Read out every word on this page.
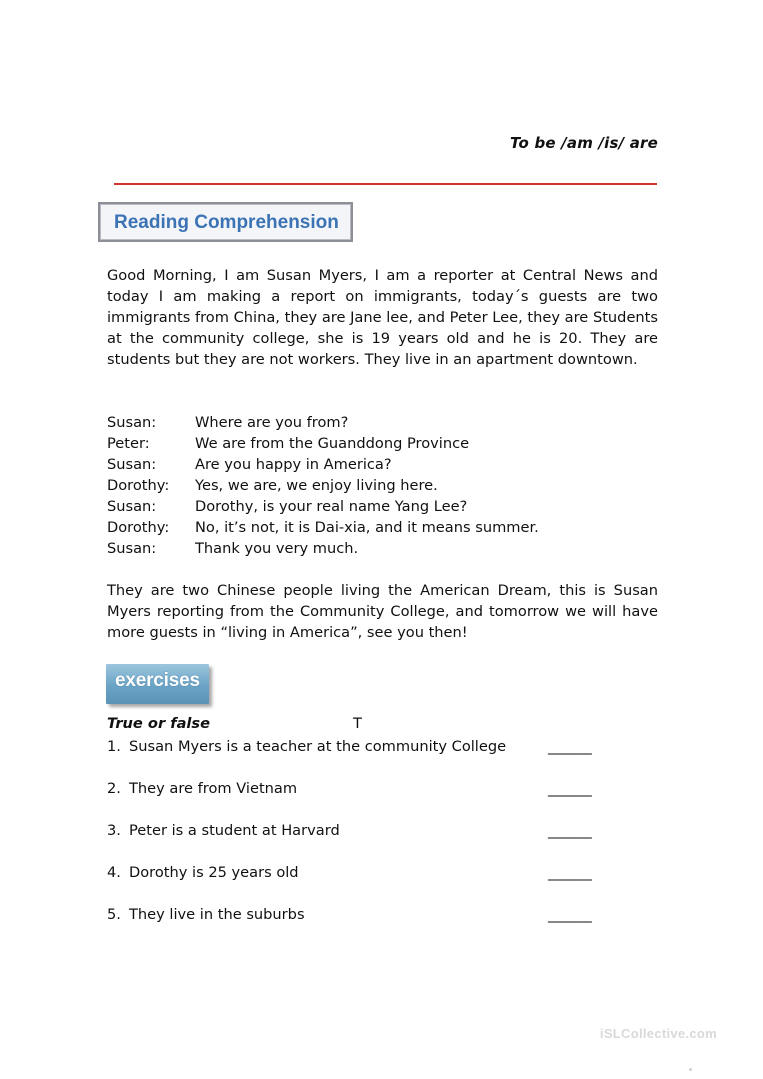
To be /am /is/ are
Reading Comprehension
Good Morning, I am Susan Myers, I am a reporter at Central News and today I am making a report on immigrants, today´s guests are two immigrants from China, they are Jane lee, and Peter Lee, they are Students at the community college, she is 19 years old and he is 20. They are students but they are not workers. They live in an apartment downtown.
Susan:	Where are you from?
Peter:	We are from the Guanddong Province
Susan:	Are you happy in America?
Dorothy:	Yes, we are, we enjoy living here.
Susan:	Dorothy, is your real name Yang Lee?
Dorothy:	No, it’s not, it is Dai-xia, and it means summer.
Susan:	Thank you very much.
They are two Chinese people living the American Dream, this is Susan Myers reporting from the Community College, and tomorrow we will have more guests in “living in America”, see you then!
exercises
True or false	T
1. Susan Myers is a teacher at the community College	______
2. They are from Vietnam	______
3. Peter is a student at Harvard	______
4. Dorothy is 25 years old	______
5. They live in the suburbs	______
iSLCollective.com
